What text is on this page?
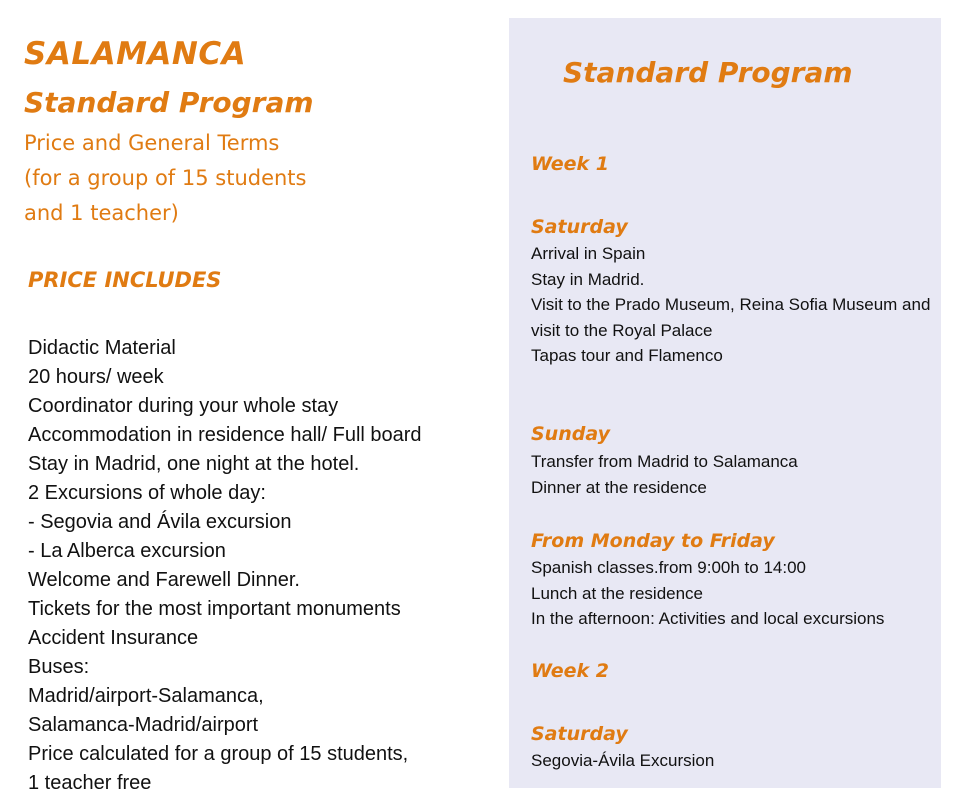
SALAMANCA
Standard Program
Price and General Terms
(for a group of 15 students
and 1 teacher)
PRICE INCLUDES
Didactic Material
20 hours/ week
Coordinator during your whole stay
Accommodation in residence hall/ Full board
Stay in Madrid, one night at the hotel.
2 Excursions of whole day:
- Segovia and Ávila excursion
- La Alberca excursion
Welcome and Farewell Dinner.
Tickets for the most important monuments
Accident Insurance
Buses:
Madrid/airport-Salamanca,
Salamanca-Madrid/airport
Price calculated for a group of 15 students,
1 teacher free
Standard Program
Week 1
Saturday
Arrival in Spain
Stay in Madrid.
Visit to the Prado Museum, Reina Sofia Museum and
visit to the Royal Palace
Tapas tour and Flamenco
Sunday
Transfer from Madrid to Salamanca
Dinner at the residence
From Monday to Friday
Spanish classes.from 9:00h to 14:00
Lunch at the residence
In the afternoon: Activities and local excursions
Week 2
Saturday
Segovia-Ávila Excursion
